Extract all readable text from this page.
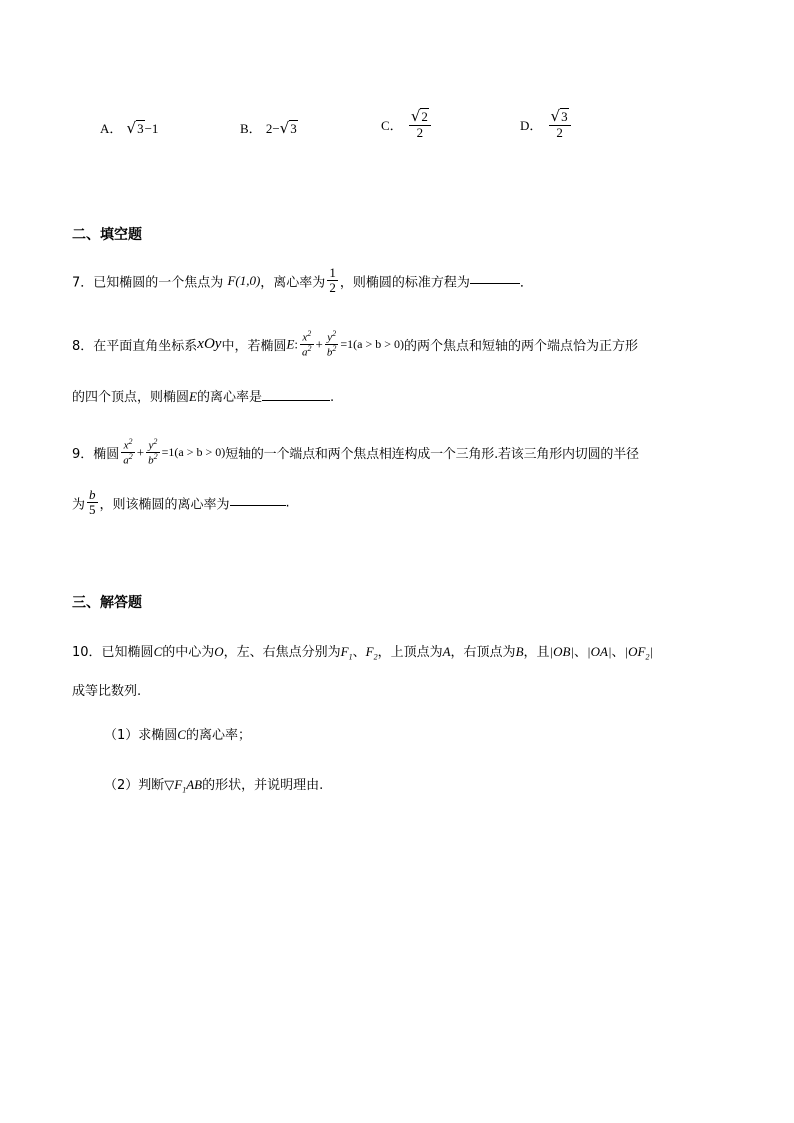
A． √3−1	B． 2−√3	C． $\frac{√2}{2}$	D． $\frac{√3}{2}$
二、填空题
7．已知椭圆的一个焦点为 F(1,0)，离心率为 $\frac{1}{2}$ ，则椭圆的标准方程为	．
8．在平面直角坐标系xOy中，若椭圆E: $\frac{x^2}{a^2} + \frac{y^2}{b^2} =1(a > b > 0)$的两个焦点和短轴的两个端点恰为正方形
的四个顶点，则椭圆E的离心率是	.
9．椭圆 $\frac{x^2}{a^2} + \frac{y^2}{b^2} =1(a > b > 0)$短轴的一个端点和两个焦点相连构成一个三角形.若该三角形内切圆的半径
为 $\frac{b}{5}$ ，则该椭圆的离心率为	.
三、解答题
10．已知椭圆C的中心为O，左、右焦点分别为$F_1$、$F_2$，上顶点为A，右顶点为B，且|OB|、|OA|、$|OF_2|$
成等比数列.
（1）求椭圆C的离心率；
（2）判断$▽F_1AB$的形状，并说明理由.
